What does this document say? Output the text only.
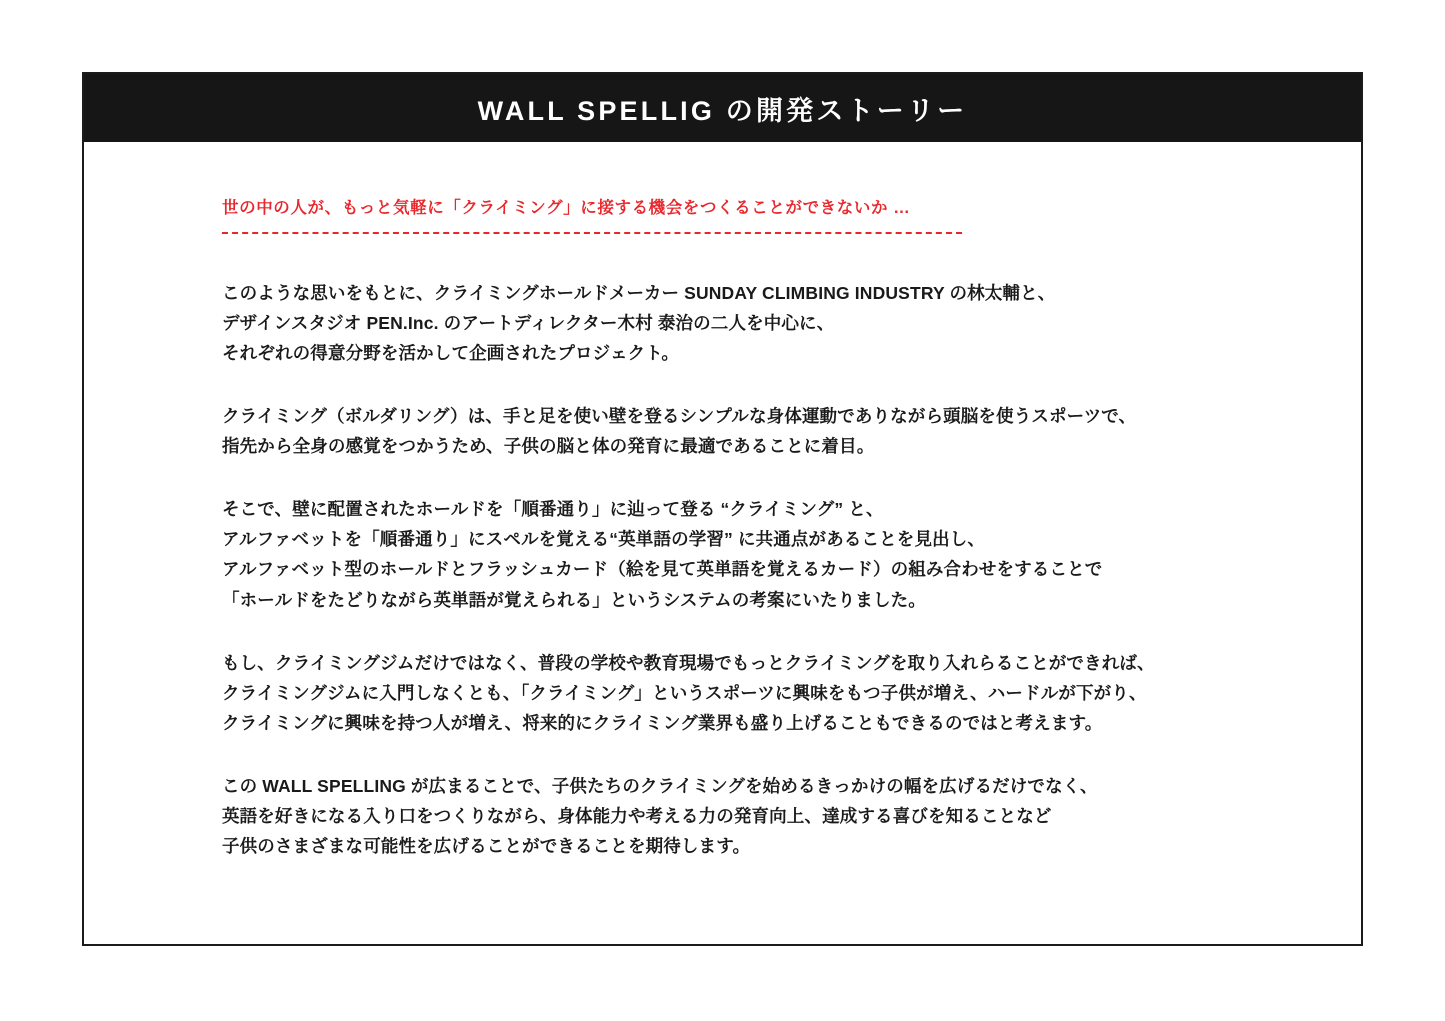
WALL SPELLIG の開発ストーリー
世の中の人が、もっと気軽に「クライミング」に接する機会をつくることができないか …
このような思いをもとに、クライミングホールドメーカー SUNDAY CLIMBING INDUSTRY の林太輔と、
デザインスタジオ PEN.Inc. のアートディレクター木村 泰治の二人を中心に、
それぞれの得意分野を活かして企画されたプロジェクト。
クライミング（ボルダリング）は、手と足を使い壁を登るシンプルな身体運動でありながら頭脳を使うスポーツで、
指先から全身の感覚をつかうため、子供の脳と体の発育に最適であることに着目。
そこで、壁に配置されたホールドを「順番通り」に辿って登る “クライミング” と、
アルファベットを「順番通り」にスペルを覚える“英単語の学習” に共通点があることを見出し、
アルファベット型のホールドとフラッシュカード（絵を見て英単語を覚えるカード）の組み合わせをすることで
「ホールドをたどりながら英単語が覚えられる」というシステムの考案にいたりました。
もし、クライミングジムだけではなく、普段の学校や教育現場でもっとクライミングを取り入れらることができれば、
クライミングジムに入門しなくとも、「クライミング」というスポーツに興味をもつ子供が増え、ハードルが下がり、
クライミングに興味を持つ人が増え、将来的にクライミング業界も盛り上げることもできるのではと考えます。
この WALL SPELLING が広まることで、子供たちのクライミングを始めるきっかけの幅を広げるだけでなく、
英語を好きになる入り口をつくりながら、身体能力や考える力の発育向上、達成する喜びを知ることなど
子供のさまざまな可能性を広げることができることを期待します。
